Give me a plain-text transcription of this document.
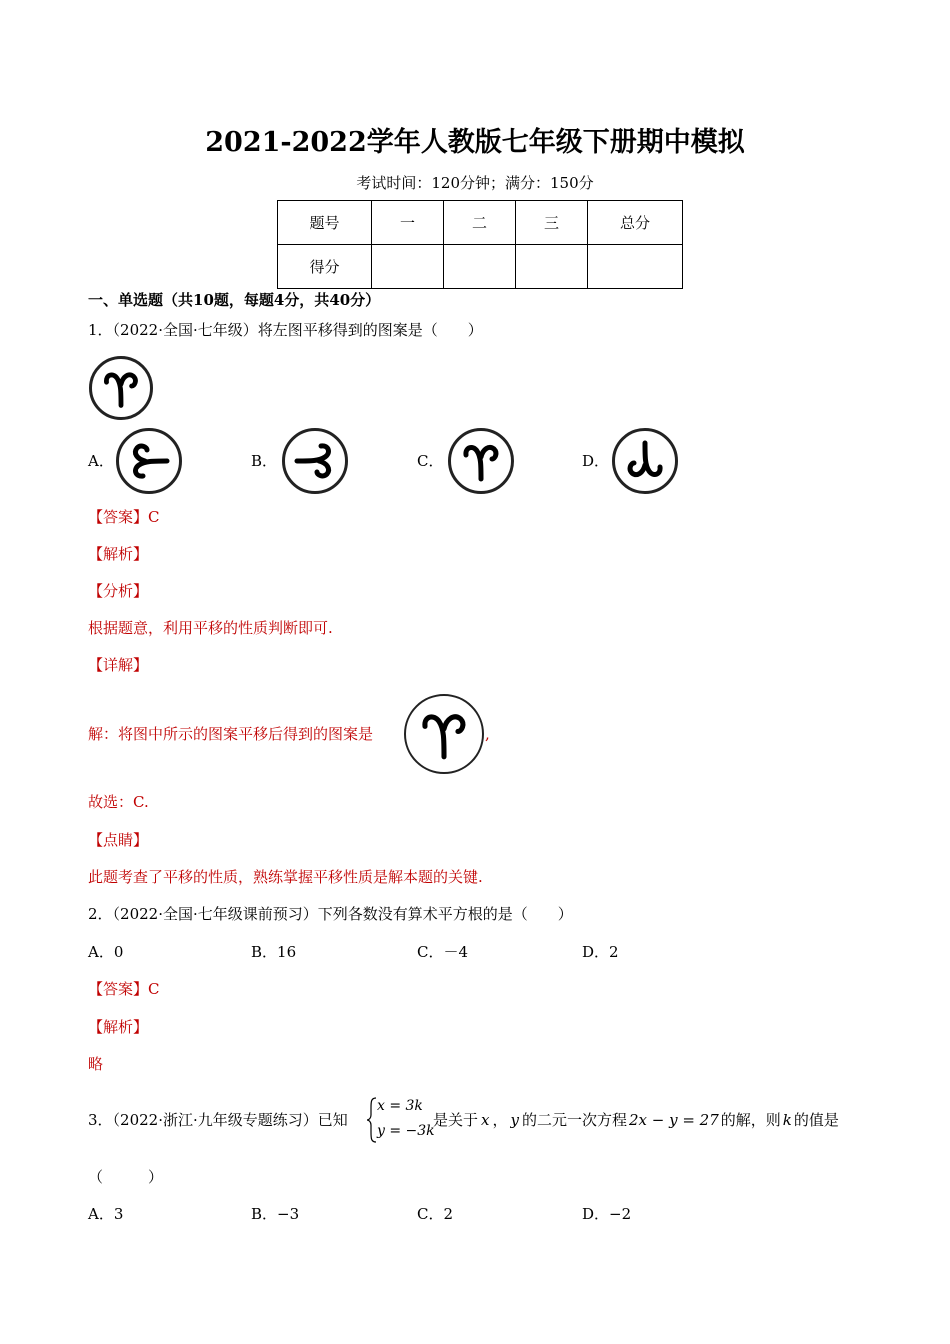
2021-2022学年人教版七年级下册期中模拟
考试时间：120分钟；满分：150分
题号	一	二	三	总分
得分				
一、单选题（共10题，每题4分，共40分）
1．（2022·全国·七年级）将左图平移得到的图案是（　　）
A．	B．	C．	D．
【答案】C
【解析】
【分析】
根据题意，利用平移的性质判断即可.
【详解】
解：将图中所示的图案平移后得到的图案是	,
故选：C.
【点睛】
此题考查了平移的性质，熟练掌握平移性质是解本题的关键.
2．（2022·全国·七年级课前预习）下列各数没有算术平方根的是（　　）
A．0	B．16	C．－4	D．2
【答案】C
【解析】
略
3．（2022·浙江·九年级专题练习）已知
x = 3k
y = −3k
是关于 x ， y 的二元一次方程 2x − y = 27 的解，则 k 的值是
（　　　）
A．3	B．−3	C．2	D．−2
